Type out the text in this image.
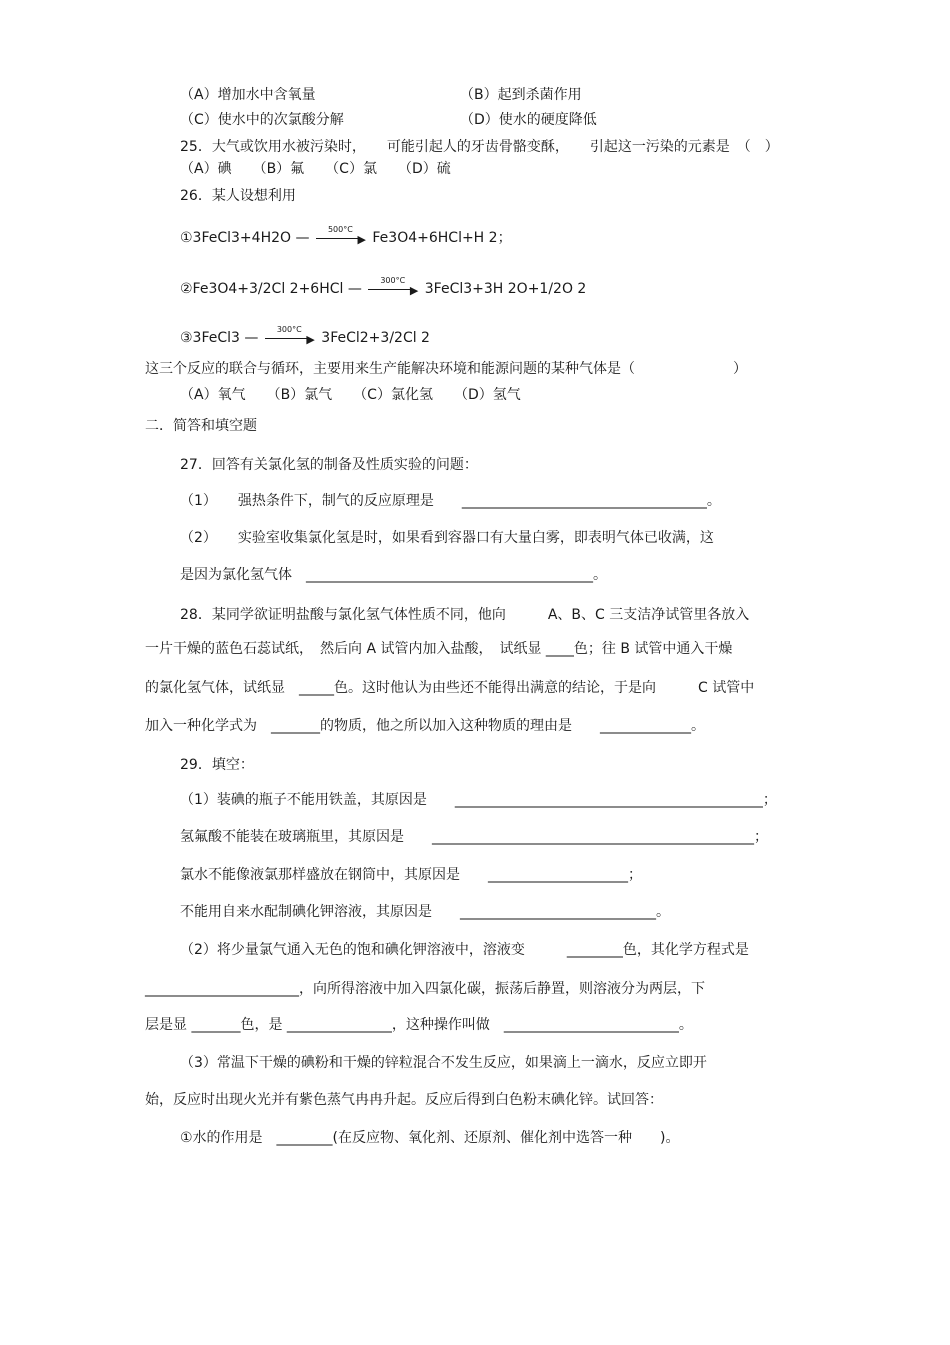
（A）增加水中含氧量	（B）起到杀菌作用
（C）使水中的次氯酸分解	（D）使水的硬度降低
25．大气或饮用水被污染时，　　可能引起人的牙齿骨骼变酥，　　引起这一污染的元素是　（　）
（A）碘　　（B）氟　　（C）氯　　（D）硫
26．某人设想利用
①3FeCl3+4H2O —
500°C
▶ Fe3O4+6HCl+H 2；
②Fe3O4+3/2Cl 2+6HCl —
300°C
▶ 3FeCl3+3H 2O+1/2O 2
③3FeCl3 —
300°C
▶ 3FeCl2+3/2Cl 2
这三个反应的联合与循环，主要用来生产能解决环境和能源问题的某种气体是（　　　　　　　）
（A）氧气　　（B）氯气　　（C）氯化氢　　（D）氢气
二．简答和填空题
27．回答有关氯化氢的制备及性质实验的问题：
（1）　　强热条件下，制气的反应原理是　　___________________________________。
（2）　　实验室收集氯化氢是时，如果看到容器口有大量白雾，即表明气体已收满，这
是因为氯化氢气体　_________________________________________。
28．某同学欲证明盐酸与氯化氢气体性质不同，他向　　　A、B、C 三支洁净试管里各放入
一片干燥的蓝色石蕊试纸，　然后向 A 试管内加入盐酸，　试纸显 ____色；往 B 试管中通入干燥
的氯化氢气体，试纸显　_____色。这时他认为由些还不能得出满意的结论，于是向　　　C 试管中
加入一种化学式为　_______的物质，他之所以加入这种物质的理由是　　_____________。
29．填空：
（1）装碘的瓶子不能用铁盖，其原因是　　____________________________________________；
氢氟酸不能装在玻璃瓶里，其原因是　　______________________________________________；
氯水不能像液氯那样盛放在钢筒中，其原因是　　____________________；
不能用自来水配制碘化钾溶液，其原因是　　____________________________。
（2）将少量氯气通入无色的饱和碘化钾溶液中，溶液变　　　________色，其化学方程式是
______________________，向所得溶液中加入四氯化碳，振荡后静置，则溶液分为两层，下
层是显 _______色，是 _______________，这种操作叫做　_________________________。
（3）常温下干燥的碘粉和干燥的锌粒混合不发生反应，如果滴上一滴水，反应立即开
始，反应时出现火光并有紫色蒸气冉冉升起。反应后得到白色粉末碘化锌。试回答：
①水的作用是　________(在反应物、氧化剂、还原剂、催化剂中选答一种　　)。
